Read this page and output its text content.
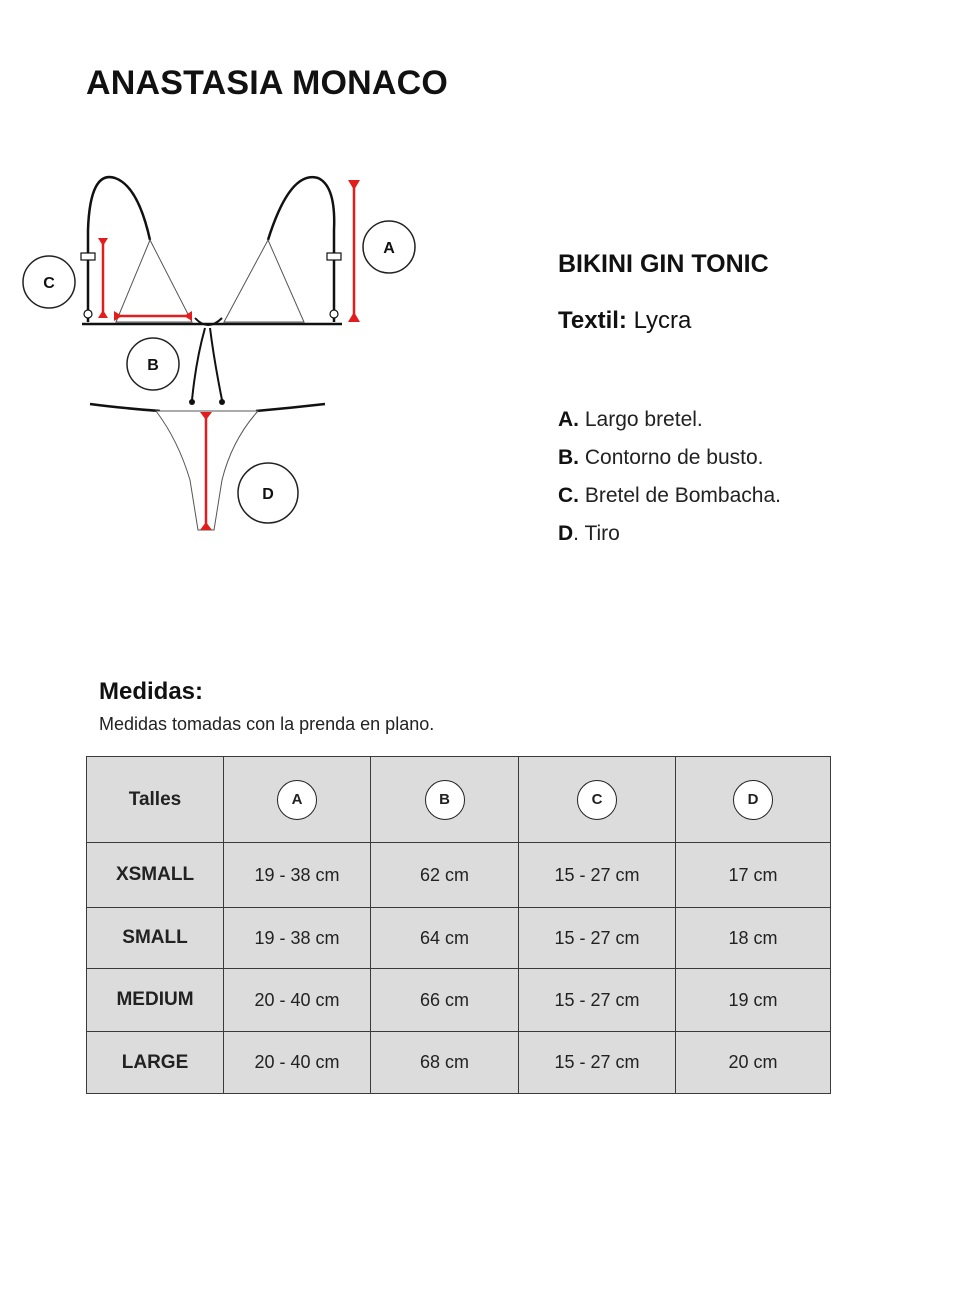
ANASTASIA MONACO
A
C
B
D
BIKINI GIN TONIC
Textil: Lycra
A. Largo bretel.
B. Contorno de busto.
C. Bretel de Bombacha.
D. Tiro
Medidas:
Medidas tomadas con la prenda en plano.
Talles	A	B	C	D
XSMALL	19 - 38 cm	62 cm	15 - 27 cm	17 cm
SMALL	19 - 38 cm	64 cm	15 - 27 cm	18 cm
MEDIUM	20 - 40 cm	66 cm	15 - 27 cm	19 cm
LARGE	20 - 40 cm	68 cm	15 - 27 cm	20 cm
